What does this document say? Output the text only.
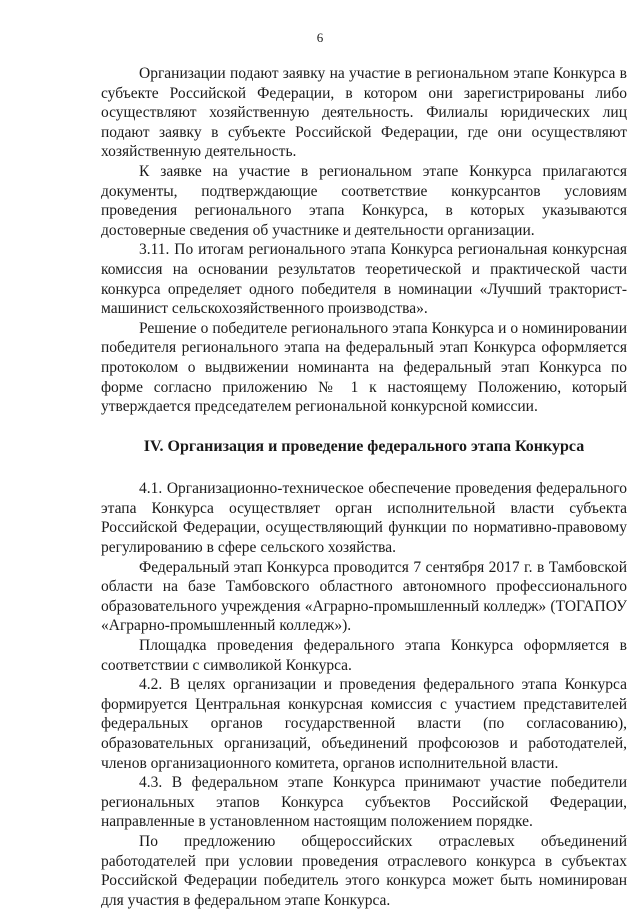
6

Организации подают заявку на участие в региональном этапе Конкурса в субъекте Российской Федерации, в котором они зарегистрированы либо осуществляют хозяйственную деятельность. Филиалы юридических лиц подают заявку в субъекте Российской Федерации, где они осуществляют хозяйственную деятельность.

К заявке на участие в региональном этапе Конкурса прилагаются документы, подтверждающие соответствие конкурсантов условиям проведения регионального этапа Конкурса, в которых указываются достоверные сведения об участнике и деятельности организации.

3.11. По итогам регионального этапа Конкурса региональная конкурсная комиссия на основании результатов теоретической и практической части конкурса определяет одного победителя в номинации «Лучший тракторист-машинист сельскохозяйственного производства».

Решение о победителе регионального этапа Конкурса и о номинировании победителя регионального этапа на федеральный этап Конкурса оформляется протоколом о выдвижении номинанта на федеральный этап Конкурса по форме согласно приложению № 1 к настоящему Положению, который утверждается председателем региональной конкурсной комиссии.

IV. Организация и проведение федерального этапа Конкурса

4.1. Организационно-техническое обеспечение проведения федерального этапа Конкурса осуществляет орган исполнительной власти субъекта Российской Федерации, осуществляющий функции по нормативно-правовому регулированию в сфере сельского хозяйства.

Федеральный этап Конкурса проводится 7 сентября 2017 г. в Тамбовской области на базе Тамбовского областного автономного профессионального образовательного учреждения «Аграрно-промышленный колледж» (ТОГАПОУ «Аграрно-промышленный колледж»).

Площадка проведения федерального этапа Конкурса оформляется в соответствии с символикой Конкурса.

4.2. В целях организации и проведения федерального этапа Конкурса формируется Центральная конкурсная комиссия с участием представителей федеральных органов государственной власти (по согласованию), образовательных организаций, объединений профсоюзов и работодателей, членов организационного комитета, органов исполнительной власти.

4.3. В федеральном этапе Конкурса принимают участие победители региональных этапов Конкурса субъектов Российской Федерации, направленные в установленном настоящим положением порядке.

По предложению общероссийских отраслевых объединений работодателей при условии проведения отраслевого конкурса в субъектах Российской Федерации победитель этого конкурса может быть номинирован для участия в федеральном этапе Конкурса.
